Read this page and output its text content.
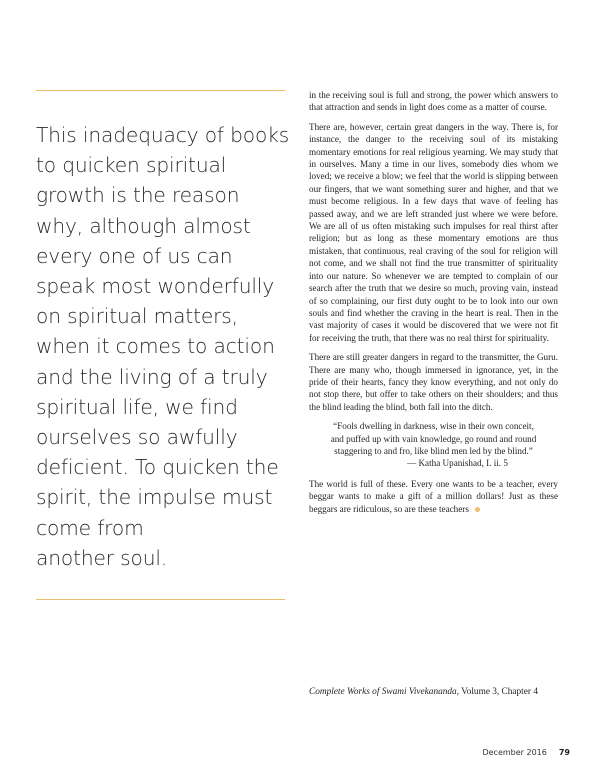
This inadequacy of books
to quicken spiritual
growth is the reason
why, although almost
every one of us can
speak most wonderfully
on spiritual matters,
when it comes to action
and the living of a truly
spiritual life, we find
ourselves so awfully
deficient. To quicken the
spirit, the impulse must
come from
another soul.

in the receiving soul is full and strong, the power which answers to that attraction and sends in light does come as a matter of course.

There are, however, certain great dangers in the way. There is, for instance, the danger to the receiving soul of its mistaking momentary emotions for real religious yearning. We may study that in ourselves. Many a time in our lives, somebody dies whom we loved; we receive a blow; we feel that the world is slipping between our fingers, that we want something surer and higher, and that we must become religious. In a few days that wave of feeling has passed away, and we are left stranded just where we were before. We are all of us often mistaking such impulses for real thirst after religion; but as long as these momentary emotions are thus mistaken, that continuous, real craving of the soul for religion will not come, and we shall not find the true transmitter of spirituality into our nature. So whenever we are tempted to complain of our search after the truth that we desire so much, proving vain, instead of so complaining, our first duty ought to be to look into our own souls and find whether the craving in the heart is real. Then in the vast majority of cases it would be discovered that we were not fit for receiving the truth, that there was no real thirst for spirituality.

There are still greater dangers in regard to the transmitter, the Guru. There are many who, though immersed in ignorance, yet, in the pride of their hearts, fancy they know everything, and not only do not stop there, but offer to take others on their shoulders; and thus the blind leading the blind, both fall into the ditch.

“Fools dwelling in darkness, wise in their own conceit,
and puffed up with vain knowledge, go round and round
staggering to and fro, like blind men led by the blind.”
— Katha Upanishad, I. ii. 5

The world is full of these. Every one wants to be a teacher, every beggar wants to make a gift of a million dollars! Just as these beggars are ridiculous, so are these teachers

Complete Works of Swami Vivekananda, Volume 3, Chapter 4
December 2016 79
